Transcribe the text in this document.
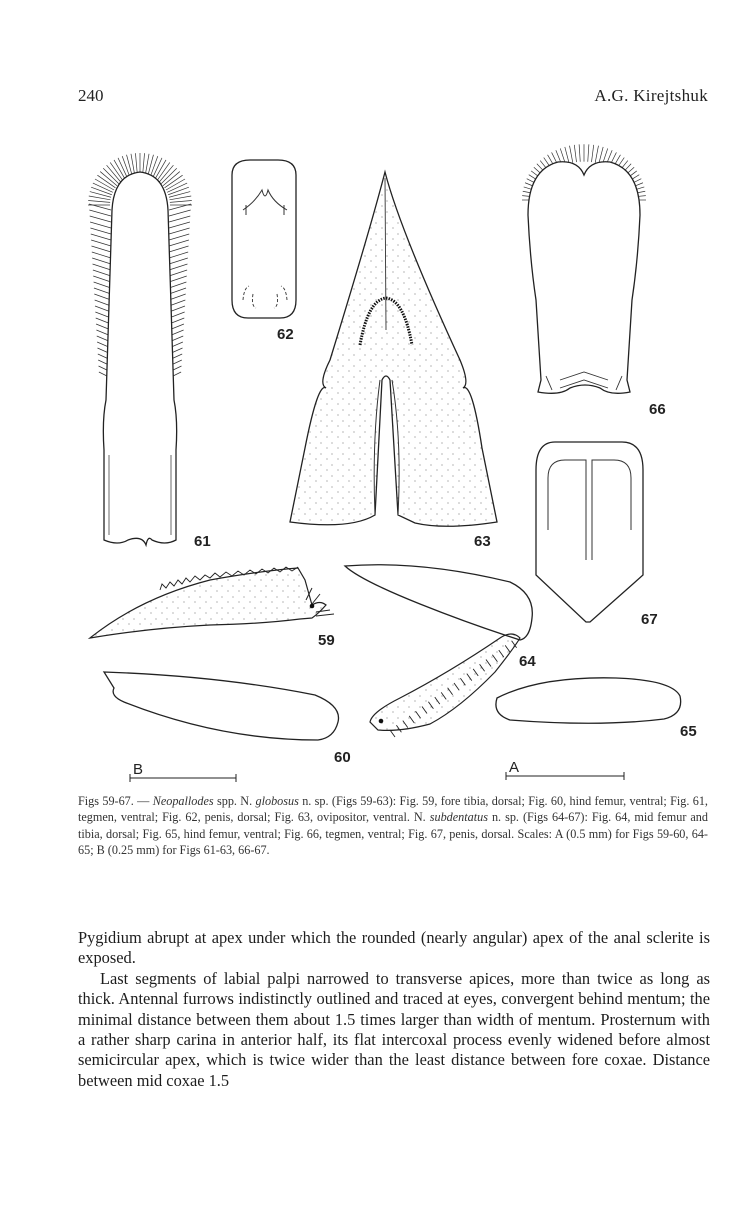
240	A.G. Kirejtshuk
61
62
63
66
67
59
60
64
65
B	A
Figs 59-67. — Neopallodes spp. N. globosus n. sp. (Figs 59-63): Fig. 59, fore tibia, dorsal; Fig. 60, hind femur, ventral; Fig. 61, tegmen, ventral; Fig. 62, penis, dorsal; Fig. 63, ovipositor, ventral. N. subdentatus n. sp. (Figs 64-67): Fig. 64, mid femur and tibia, dorsal; Fig. 65, hind femur, ventral; Fig. 66, tegmen, ventral; Fig. 67, penis, dorsal. Scales: A (0.5 mm) for Figs 59-60, 64-65; B (0.25 mm) for Figs 61-63, 66-67.

Pygidium abrupt at apex under which the rounded (nearly angular) apex of the anal sclerite is exposed.

Last segments of labial palpi narrowed to transverse apices, more than twice as long as thick. Antennal furrows indistinctly outlined and traced at eyes, convergent behind mentum; the minimal distance between them about 1.5 times larger than width of mentum. Prosternum with a rather sharp carina in anterior half, its flat intercoxal process evenly widened before almost semicircular apex, which is twice wider than the least distance between fore coxae. Distance between mid coxae 1.5
